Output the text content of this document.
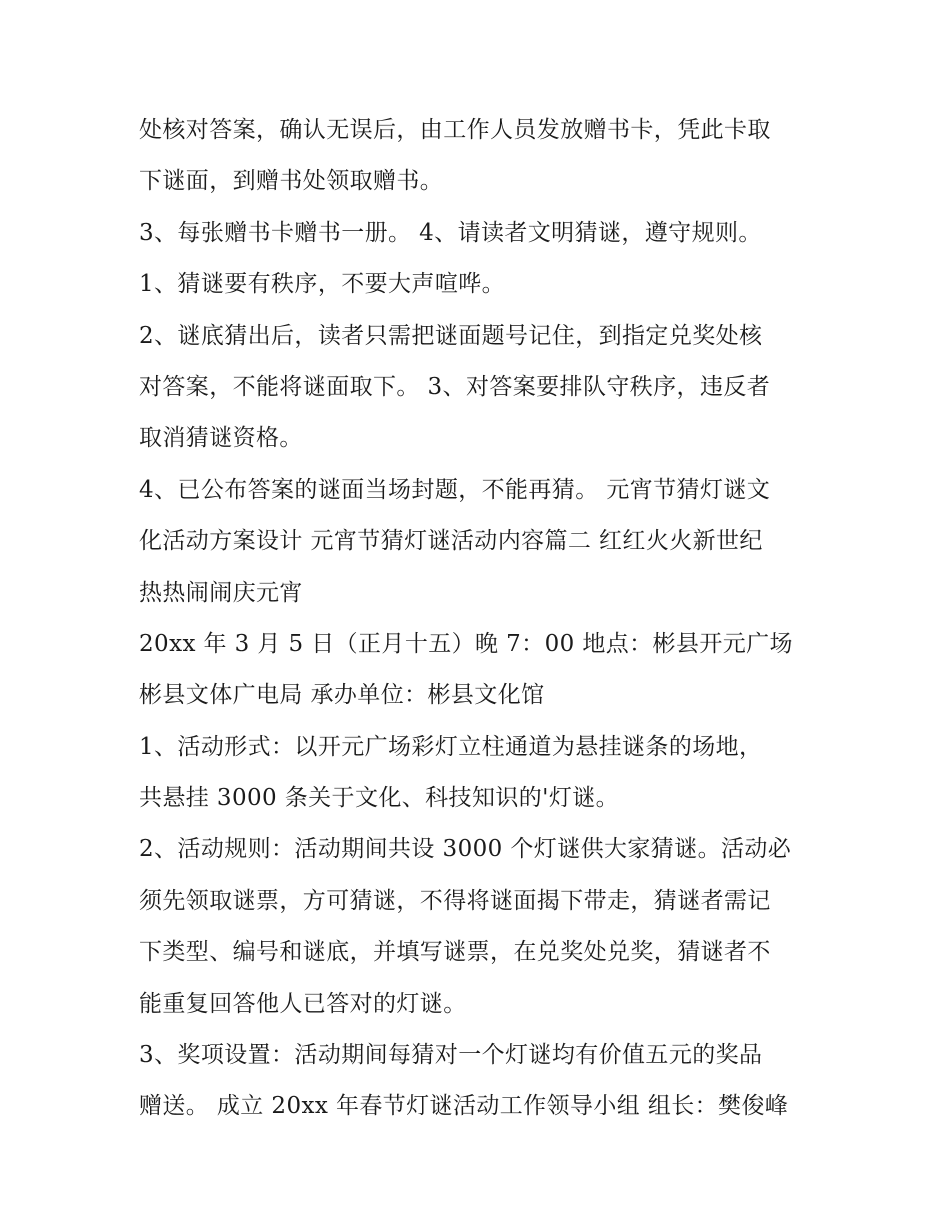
处核对答案，确认无误后，由工作人员发放赠书卡，凭此卡取
下谜面，到赠书处领取赠书。
3、每张赠书卡赠书一册。 4、请读者文明猜谜，遵守规则。
1、猜谜要有秩序，不要大声喧哗。
2、谜底猜出后，读者只需把谜面题号记住，到指定兑奖处核
对答案，不能将谜面取下。 3、对答案要排队守秩序，违反者
取消猜谜资格。
4、已公布答案的谜面当场封题，不能再猜。 元宵节猜灯谜文
化活动方案设计 元宵节猜灯谜活动内容篇二 红红火火新世纪
热热闹闹庆元宵
20xx 年 3 月 5 日（正月十五）晚 7：00 地点：彬县开元广场
彬县文体广电局 承办单位：彬县文化馆
1、活动形式：以开元广场彩灯立柱通道为悬挂谜条的场地，
共悬挂 3000 条关于文化、科技知识的'灯谜。
2、活动规则：活动期间共设 3000 个灯谜供大家猜谜。活动必
须先领取谜票，方可猜谜，不得将谜面揭下带走，猜谜者需记
下类型、编号和谜底，并填写谜票，在兑奖处兑奖，猜谜者不
能重复回答他人已答对的灯谜。
3、奖项设置：活动期间每猜对一个灯谜均有价值五元的奖品
赠送。 成立 20xx 年春节灯谜活动工作领导小组 组长：樊俊峰
